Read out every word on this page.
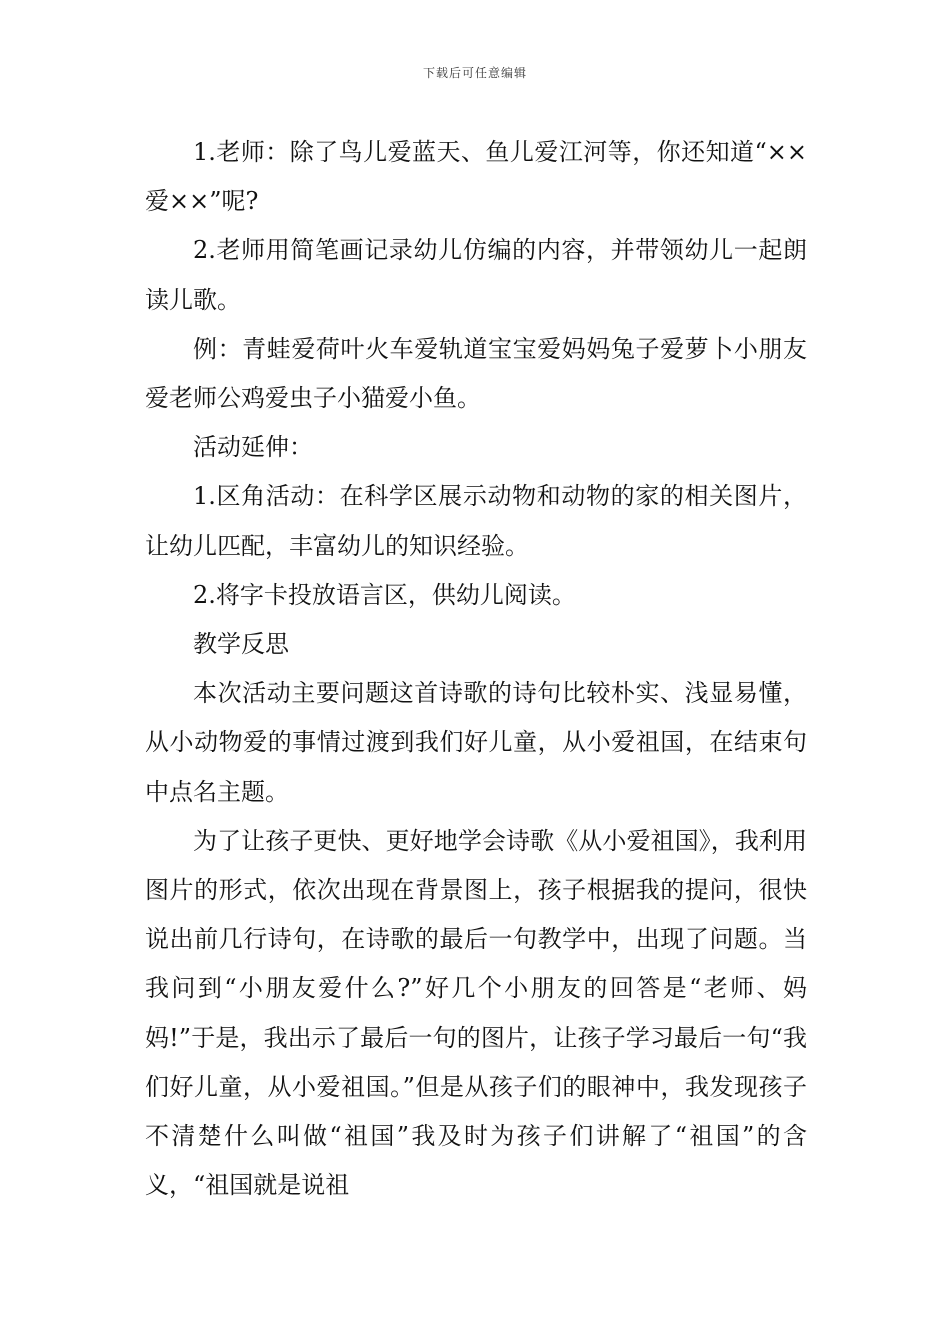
下载后可任意编辑

1.老师：除了鸟儿爱蓝天、鱼儿爱江河等，你还知道“××爱××”呢?

2.老师用简笔画记录幼儿仿编的内容，并带领幼儿一起朗读儿歌。

例：青蛙爱荷叶火车爱轨道宝宝爱妈妈兔子爱萝卜小朋友爱老师公鸡爱虫子小猫爱小鱼。

活动延伸：

1.区角活动：在科学区展示动物和动物的家的相关图片，让幼儿匹配，丰富幼儿的知识经验。

2.将字卡投放语言区，供幼儿阅读。

教学反思

本次活动主要问题这首诗歌的诗句比较朴实、浅显易懂，从小动物爱的事情过渡到我们好儿童，从小爱祖国，在结束句中点名主题。

为了让孩子更快、更好地学会诗歌《从小爱祖国》，我利用图片的形式，依次出现在背景图上，孩子根据我的提问，很快说出前几行诗句，在诗歌的最后一句教学中，出现了问题。当我问到“小朋友爱什么?”好几个小朋友的回答是“老师、妈妈!”于是，我出示了最后一句的图片，让孩子学习最后一句“我们好儿童，从小爱祖国。”但是从孩子们的眼神中，我发现孩子不清楚什么叫做“祖国”我及时为孩子们讲解了“祖国”的含义，“祖国就是说祖
